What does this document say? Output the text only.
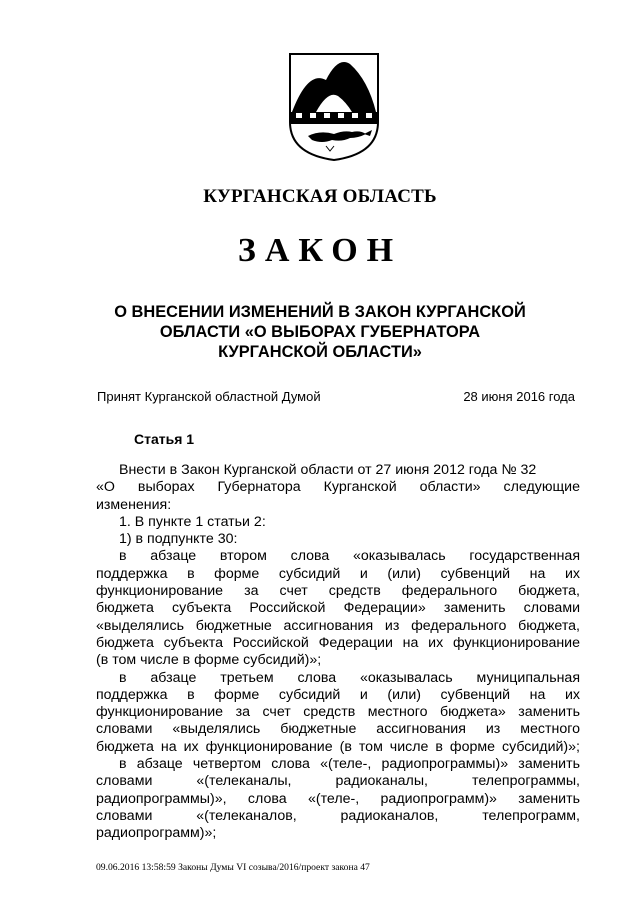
КУРГАНСКАЯ ОБЛАСТЬ
ЗАКОН
О ВНЕСЕНИИ ИЗМЕНЕНИЙ В ЗАКОН КУРГАНСКОЙ
ОБЛАСТИ «О ВЫБОРАХ ГУБЕРНАТОРА
КУРГАНСКОЙ ОБЛАСТИ»
Принят Курганской областной Думой	28 июня 2016 года
Статья 1
Внести в Закон Курганской области от 27 июня 2012 года № 32
«О выборах Губернатора Курганской области» следующие
изменения:
1. В пункте 1 статьи 2:
1) в подпункте 30:
в абзаце втором слова «оказывалась государственная
поддержка в форме субсидий и (или) субвенций на их
функционирование за счет средств федерального бюджета,
бюджета субъекта Российской Федерации» заменить словами
«выделялись бюджетные ассигнования из федерального бюджета,
бюджета субъекта Российской Федерации на их функционирование
(в том числе в форме субсидий)»;
в абзаце третьем слова «оказывалась муниципальная
поддержка в форме субсидий и (или) субвенций на их
функционирование за счет средств местного бюджета» заменить
словами «выделялись бюджетные ассигнования из местного
бюджета на их функционирование (в том числе в форме субсидий)»;
в абзаце четвертом слова «(теле-, радиопрограммы)» заменить
словами «(телеканалы, радиоканалы, телепрограммы,
радиопрограммы)», слова «(теле-, радиопрограмм)» заменить
словами «(телеканалов, радиоканалов, телепрограмм,
радиопрограмм)»;
09.06.2016 13:58:59 Законы Думы VI созыва/2016/проект закона 47
